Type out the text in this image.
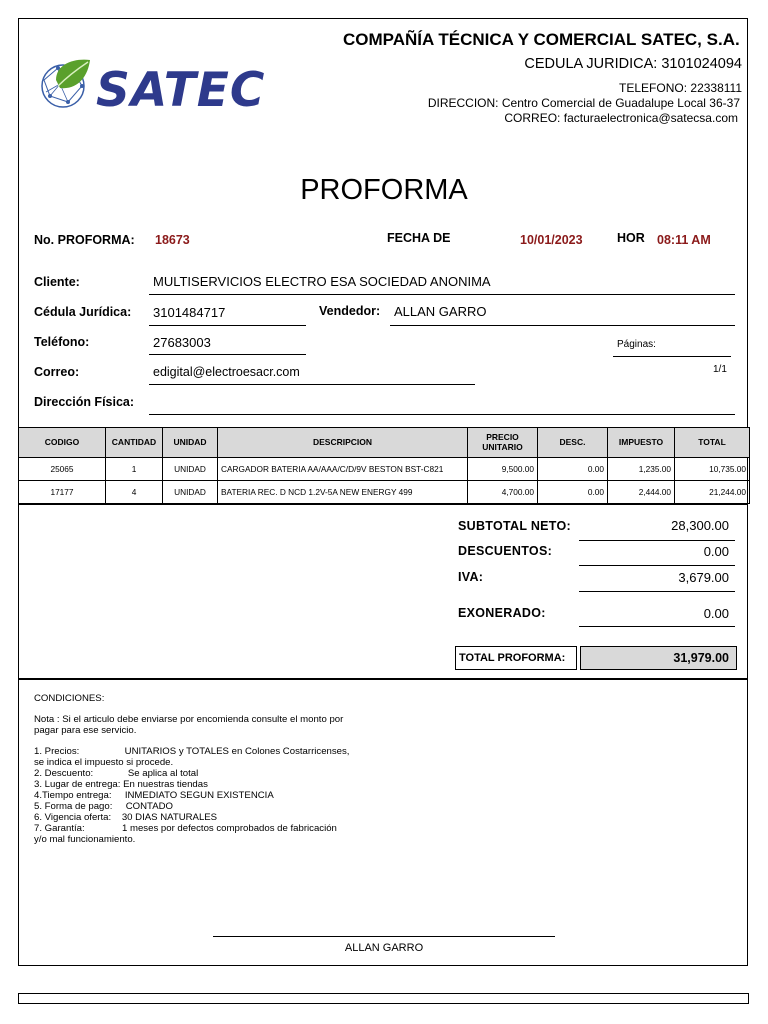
SATEC
COMPAÑÍA TÉCNICA Y COMERCIAL SATEC, S.A.
CEDULA JURIDICA: 3101024094
TELEFONO: 22338111
DIRECCION: Centro Comercial de Guadalupe Local 36-37
CORREO: facturaelectronica@satecsa.com
PROFORMA
No. PROFORMA: 18673	FECHA DE	10/01/2023	HOR 08:11 AM
Cliente:	MULTISERVICIOS ELECTRO ESA SOCIEDAD ANONIMA
Cédula Jurídica: 3101484717	Vendedor: ALLAN GARRO
Teléfono:	27683003	Páginas:
1/1
Correo:	edigital@electroesacr.com
Dirección Física:
CODIGO	CANTIDAD	UNIDAD	DESCRIPCION	PRECIO UNITARIO	DESC.	IMPUESTO	TOTAL
25065	1	UNIDAD	CARGADOR BATERIA AA/AAA/C/D/9V BESTON BST-C821	9,500.00	0.00	1,235.00	10,735.00
17177	4	UNIDAD	BATERIA REC. D NCD 1.2V-5A NEW ENERGY 499	4,700.00	0.00	2,444.00	21,244.00
SUBTOTAL NETO:	28,300.00
DESCUENTOS:	0.00
IVA:	3,679.00
EXONERADO:	0.00
TOTAL PROFORMA:	31,979.00

CONDICIONES:

Nota : Si el articulo debe enviarse por encomienda consulte el monto por

pagar para ese servicio.

1. Precios:                 UNITARIOS y TOTALES en Colones Costarricenses,

se indica el impuesto si procede.

2. Descuento:             Se aplica al total

3. Lugar de entrega: En nuestras tiendas

4.Tiempo entrega:     INMEDIATO SEGUN EXISTENCIA

5. Forma de pago:     CONTADO

6. Vigencia oferta:    30 DIAS NATURALES

7. Garantía:              1 meses por defectos comprobados de fabricación

y/o mal funcionamiento.

ALLAN GARRO
